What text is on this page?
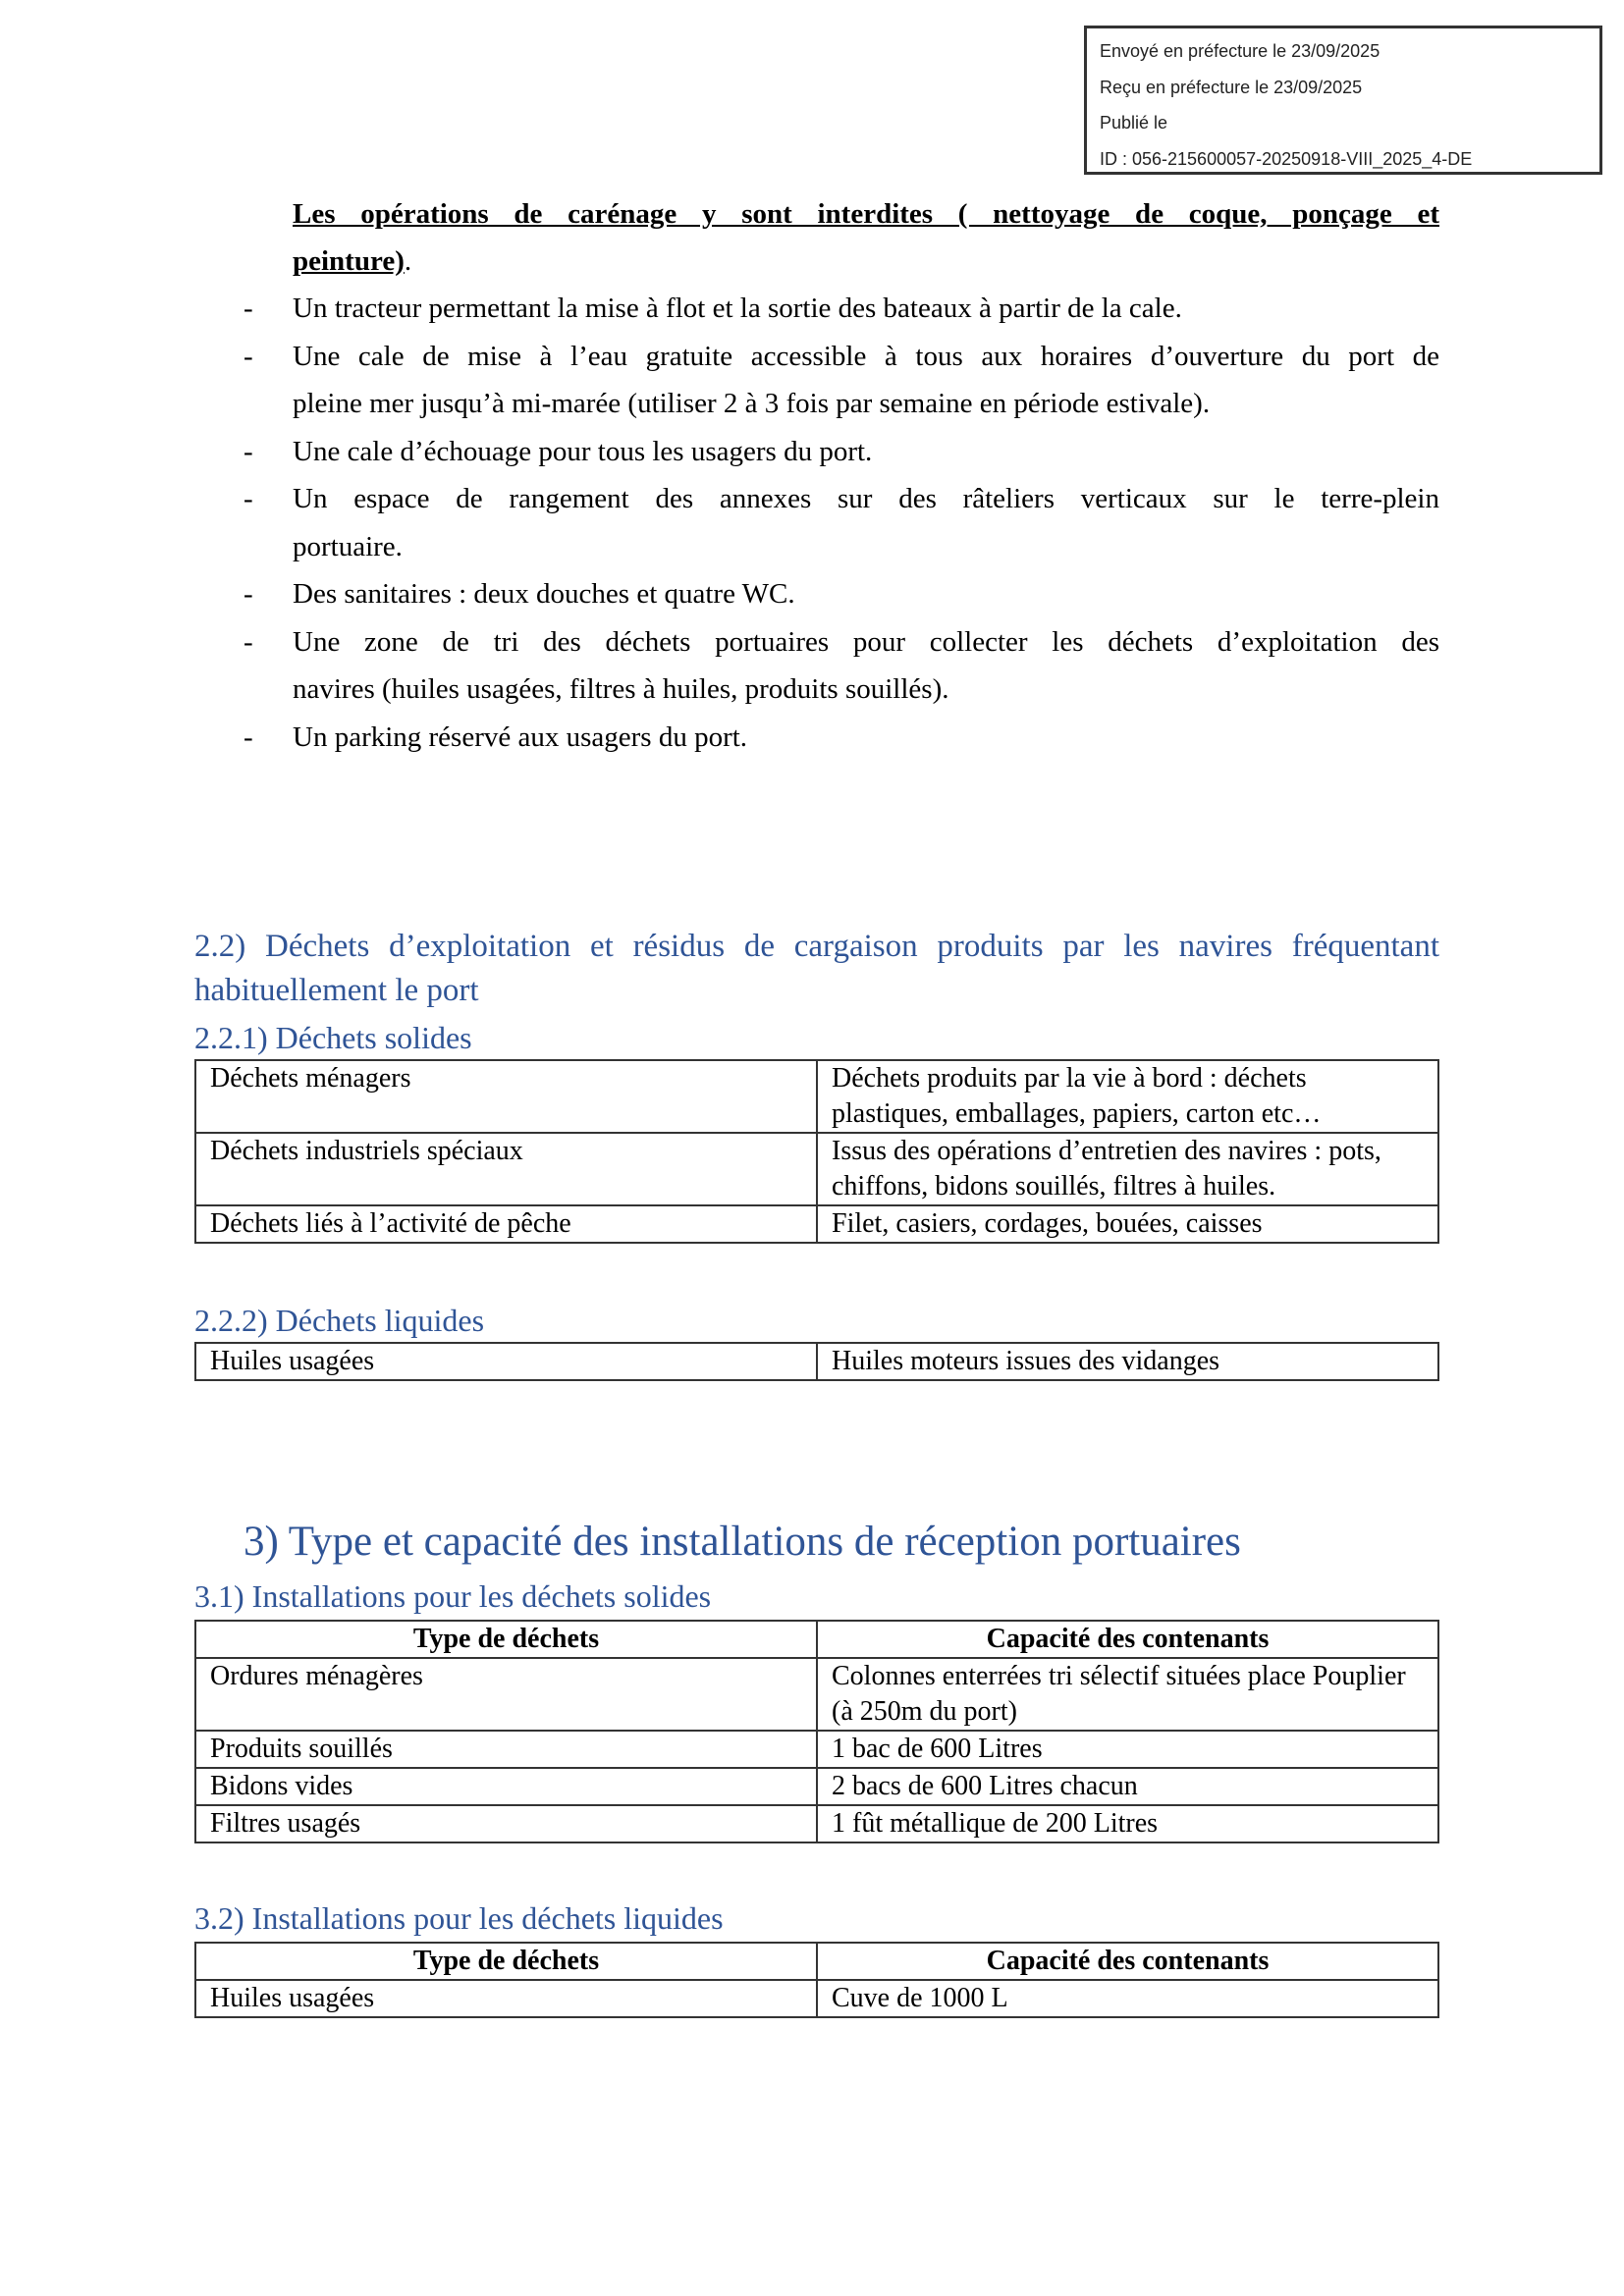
Envoyé en préfecture le 23/09/2025
Reçu en préfecture le 23/09/2025
Publié le
ID : 056-215600057-20250918-VIII_2025_4-DE
Les opérations de carénage y sont interdites ( nettoyage de coque, ponçage et
peinture).
- Un tracteur permettant la mise à flot et la sortie des bateaux à partir de la cale.
- Une cale de mise à l’eau gratuite accessible à tous aux horaires d’ouverture du port de
pleine mer jusqu’à mi-marée (utiliser 2 à 3 fois par semaine en période estivale).
- Une cale d’échouage pour tous les usagers du port.
- Un espace de rangement des annexes sur des râteliers verticaux sur le terre-plein
portuaire.
- Des sanitaires : deux douches et quatre WC.
- Une zone de tri des déchets portuaires pour collecter les déchets d’exploitation des
navires (huiles usagées, filtres à huiles, produits souillés).
- Un parking réservé aux usagers du port.
2.2) Déchets d’exploitation et résidus de cargaison produits par les navires fréquentant
habituellement le port
2.2.1) Déchets solides
Déchets ménagers	Déchets produits par la vie à bord : déchets plastiques, emballages, papiers, carton etc…
Déchets industriels spéciaux	Issus des opérations d’entretien des navires : pots, chiffons, bidons souillés, filtres à huiles.
Déchets liés à l’activité de pêche	Filet, casiers, cordages, bouées, caisses
2.2.2) Déchets liquides
Huiles usagées	Huiles moteurs issues des vidanges
3) Type et capacité des installations de réception portuaires
3.1) Installations pour les déchets solides
Type de déchets	Capacité des contenants
Ordures ménagères	Colonnes enterrées tri sélectif situées place Pouplier (à 250m du port)
Produits souillés	1 bac de 600 Litres
Bidons vides	2 bacs de 600 Litres chacun
Filtres usagés	1 fût métallique de 200 Litres
3.2) Installations pour les déchets liquides
Type de déchets	Capacité des contenants
Huiles usagées	Cuve de 1000 L
